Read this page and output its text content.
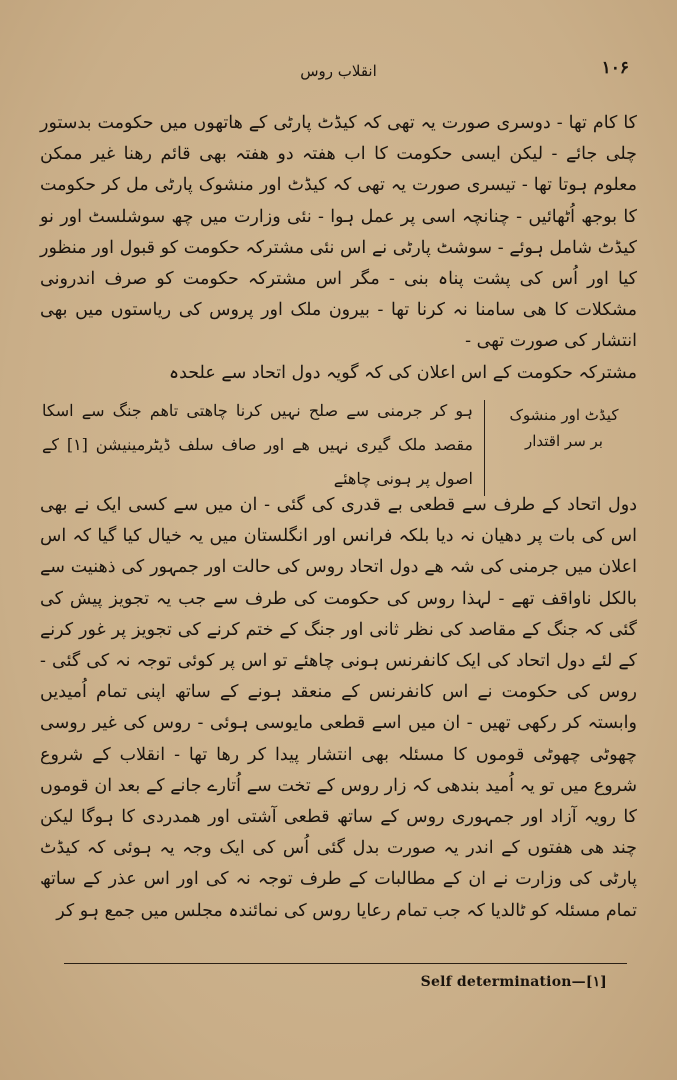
انقلاب روس	۱۰۶

کا کام تھا - دوسری صورت یہ تھی کہ کیڈٹ پارٹی کے ھاتھوں میں حکومت بدستور چلی جائے - لیکن ایسی حکومت کا اب ھفتہ دو ھفتہ بھی قائم رھنا غیر ممکن معلوم ہوتا تھا - تیسری صورت یہ تھی کہ کیڈٹ اور منشوک پارٹی مل کر حکومت کا بوجھ اُٹھائیں - چنانچہ اسی پر عمل ہوا - نئی وزارت میں چھ سوشلسٹ اور نو کیڈٹ شامل ہوئے - سوشٹ پارٹی نے اس نئی مشترکہ حکومت کو قبول اور منظور کیا اور اُس کی پشت پناہ بنی - مگر اس مشترکہ حکومت کو صرف اندرونی مشکلات کا ھی سامنا نہ کرنا تھا - بیرون ملک اور پروس کی ریاستوں میں بھی انتشار کی صورت تھی -

مشترکہ حکومت کے اس اعلان کی کہ گویہ دول اتحاد سے علحدہ

کیڈٹ اور منشوک
بر سر اقتدار
ہو کر جرمنی سے صلح نہیں کرنا چاھتی تاھم جنگ سے اسکا مقصد ملک گیری نہیں ھے اور صاف سلف ڈیٹرمینیشن [۱] کے اصول پر ہونی چاھئے

دول اتحاد کے طرف سے قطعی بے قدری کی گئی - ان میں سے کسی ایک نے بھی اس کی بات پر دھیان نہ دیا بلکہ فرانس اور انگلستان میں یہ خیال کیا گیا کہ اس اعلان میں جرمنی کی شہ ھے دول اتحاد روس کی حالت اور جمہور کی ذھنیت سے بالکل ناواقف تھے - لہذا روس کی حکومت کی طرف سے جب یہ تجویز پیش کی گئی کہ جنگ کے مقاصد کی نظر ثانی اور جنگ کے ختم کرنے کی تجویز پر غور کرنے کے لئے دول اتحاد کی ایک کانفرنس ہونی چاھئے تو اس پر کوئی توجہ نہ کی گئی - روس کی حکومت نے اس کانفرنس کے منعقد ہونے کے ساتھ اپنی تمام اُمیدیں وابستہ کر رکھی تھیں - ان میں اسے قطعی مایوسی ہوئی - روس کی غیر روسی چھوٹی چھوٹی قوموں کا مسئلہ بھی انتشار پیدا کر رھا تھا - انقلاب کے شروع شروع میں تو یہ اُمید بندھی کہ زار روس کے تخت سے اُتارے جانے کے بعد ان قوموں کا رویہ آزاد اور جمہوری روس کے ساتھ قطعی آشتی اور ھمدردی کا ہوگا لیکن چند ھی ھفتوں کے اندر یہ صورت بدل گئی اُس کی ایک وجہ یہ ہوئی کہ کیڈٹ پارٹی کی وزارت نے ان کے مطالبات کے طرف توجہ نہ کی اور اس عذر کے ساتھ تمام مسئلہ کو ٹالدیا کہ جب تمام رعایا روس کی نمائندہ مجلس میں جمع ہو کر

Self determination—[۱]
